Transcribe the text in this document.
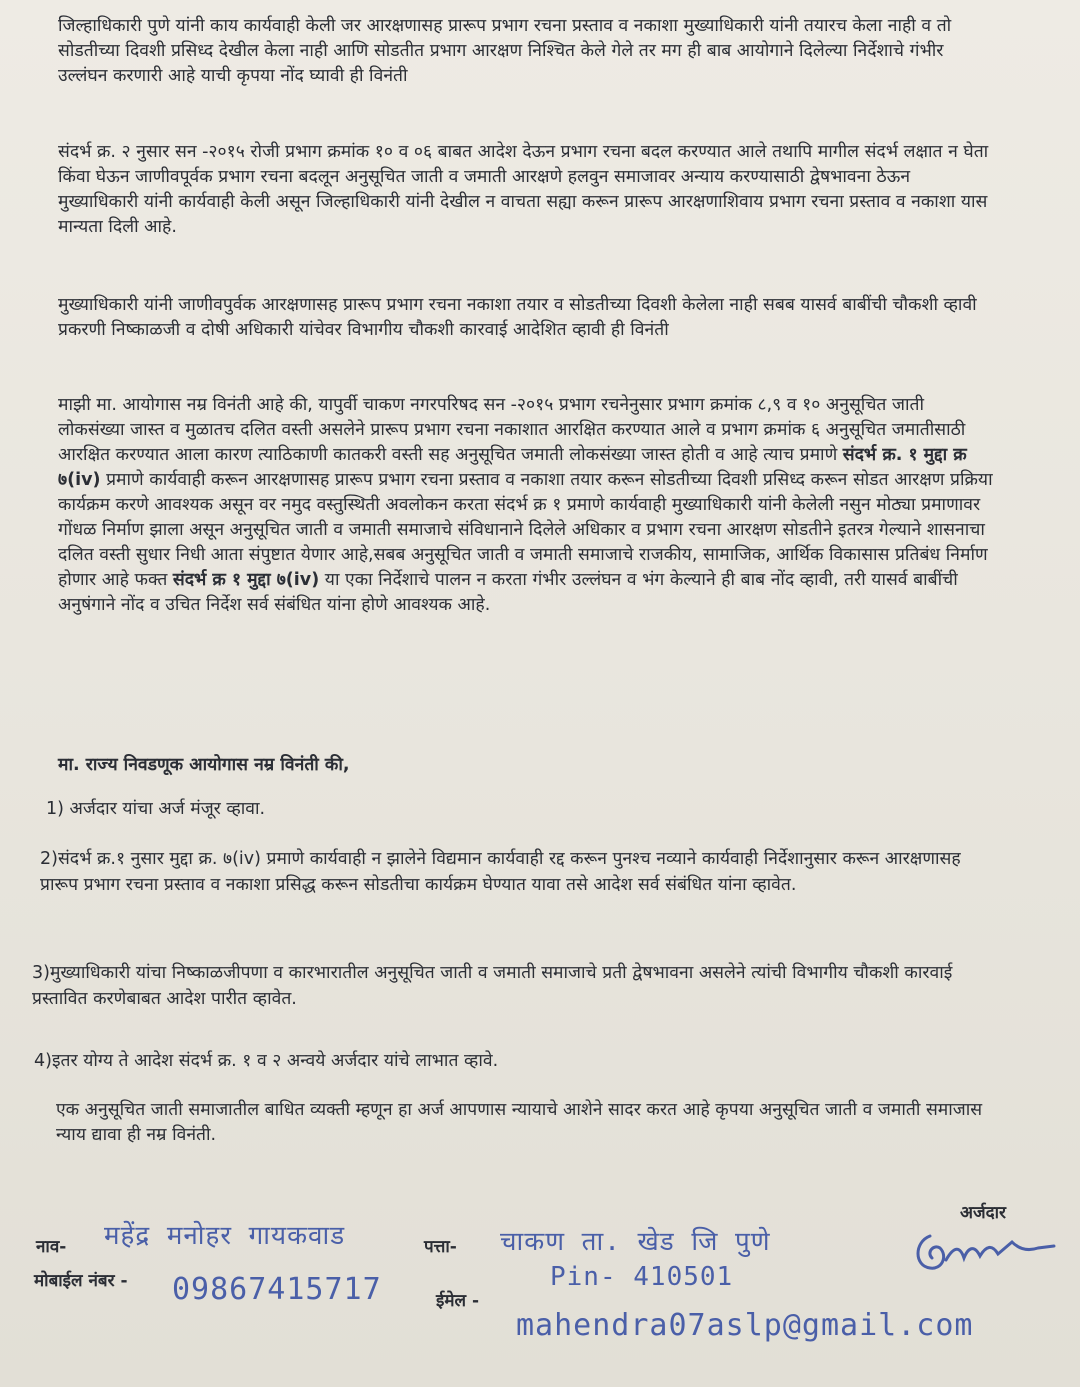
जिल्हाधिकारी पुणे यांनी काय कार्यवाही केली जर आरक्षणासह प्रारूप प्रभाग रचना प्रस्ताव व नकाशा मुख्याधिकारी यांनी तयारच केला नाही व तो सोडतीच्या दिवशी प्रसिध्द देखील केला नाही आणि सोडतीत प्रभाग आरक्षण निश्चित केले गेले तर मग ही बाब आयोगाने दिलेल्या निर्देशाचे गंभीर उल्लंघन करणारी आहे याची कृपया नोंद घ्यावी ही विनंती

संदर्भ क्र. २ नुसार सन -२०१५ रोजी प्रभाग क्रमांक १० व ०६ बाबत आदेश देऊन प्रभाग रचना बदल करण्यात आले तथापि मागील संदर्भ लक्षात न घेता किंवा घेऊन जाणीवपूर्वक प्रभाग रचना बदलून अनुसूचित जाती व जमाती आरक्षणे हलवुन समाजावर अन्याय करण्यासाठी द्वेषभावना ठेऊन मुख्याधिकारी यांनी कार्यवाही केली असून जिल्हाधिकारी यांनी देखील न वाचता सह्या करून प्रारूप आरक्षणाशिवाय प्रभाग रचना प्रस्ताव व नकाशा यास मान्यता दिली आहे.

मुख्याधिकारी यांनी जाणीवपुर्वक आरक्षणासह प्रारूप प्रभाग रचना नकाशा तयार व सोडतीच्या दिवशी केलेला नाही सबब यासर्व बाबींची चौकशी व्हावी प्रकरणी निष्काळजी व दोषी अधिकारी यांचेवर विभागीय चौकशी कारवाई आदेशित व्हावी ही विनंती

माझी मा. आयोगास नम्र विनंती आहे की, यापुर्वी चाकण नगरपरिषद सन -२०१५ प्रभाग रचनेनुसार प्रभाग क्रमांक ८,९ व १० अनुसूचित जाती लोकसंख्या जास्त व मुळातच दलित वस्ती असलेने प्रारूप प्रभाग रचना नकाशात आरक्षित करण्यात आले व प्रभाग क्रमांक ६ अनुसूचित जमातीसाठी आरक्षित करण्यात आला कारण त्याठिकाणी कातकरी वस्ती सह अनुसूचित जमाती लोकसंख्या जास्त होती व आहे त्याच प्रमाणे संदर्भ क्र. १ मुद्दा क्र ७(iv) प्रमाणे कार्यवाही करून आरक्षणासह प्रारूप प्रभाग रचना प्रस्ताव व नकाशा तयार करून सोडतीच्या दिवशी प्रसिध्द करून सोडत आरक्षण प्रक्रिया कार्यक्रम करणे आवश्यक असून वर नमुद वस्तुस्थिती अवलोकन करता संदर्भ क्र १ प्रमाणे कार्यवाही मुख्याधिकारी यांनी केलेली नसुन मोठ्या प्रमाणावर गोंधळ निर्माण झाला असून अनुसूचित जाती व जमाती समाजाचे संविधानाने दिलेले अधिकार व प्रभाग रचना आरक्षण सोडतीने इतरत्र गेल्याने शासनाचा दलित वस्ती सुधार निधी आता संपुष्टात येणार आहे,सबब अनुसूचित जाती व जमाती समाजाचे राजकीय, सामाजिक, आर्थिक विकासास प्रतिबंध निर्माण होणार आहे फक्त संदर्भ क्र १ मुद्दा ७(iv) या एका निर्देशाचे पालन न करता गंभीर उल्लंघन व भंग केल्याने ही बाब नोंद व्हावी, तरी यासर्व बाबींची अनुषंगाने नोंद व उचित निर्देश सर्व संबंधित यांना होणे आवश्यक आहे.

मा. राज्य निवडणूक आयोगास नम्र विनंती की,
1) अर्जदार यांचा अर्ज मंजूर व्हावा.
2)संदर्भ क्र.१ नुसार मुद्दा क्र. ७(iv) प्रमाणे कार्यवाही न झालेने विद्यमान कार्यवाही रद्द करून पुनश्च नव्याने कार्यवाही निर्देशानुसार करून आरक्षणासह प्रारूप प्रभाग रचना प्रस्ताव व नकाशा प्रसिद्ध करून सोडतीचा कार्यक्रम घेण्यात यावा तसे आदेश सर्व संबंधित यांना व्हावेत.
3)मुख्याधिकारी यांचा निष्काळजीपणा व कारभारातील अनुसूचित जाती व जमाती समाजाचे प्रती द्वेषभावना असलेने त्यांची विभागीय चौकशी कारवाई प्रस्तावित करणेबाबत आदेश पारीत व्हावेत.
4)इतर योग्य ते आदेश संदर्भ क्र. १ व २ अन्वये अर्जदार यांचे लाभात व्हावे.

एक अनुसूचित जाती समाजातील बाधित व्यक्ती म्हणून हा अर्ज आपणास न्यायाचे आशेने सादर करत आहे कृपया अनुसूचित जाती व जमाती समाजास न्याय द्यावा ही नम्र विनंती.

अर्जदार
नाव- महेंद्र मनोहर गायकवाड	पत्ता- चाकण ता. खेड जि पुणे
मोबाईल नंबर - 09867415717	Pin- 410501
ईमेल -
mahendra07aslp@gmail.com
